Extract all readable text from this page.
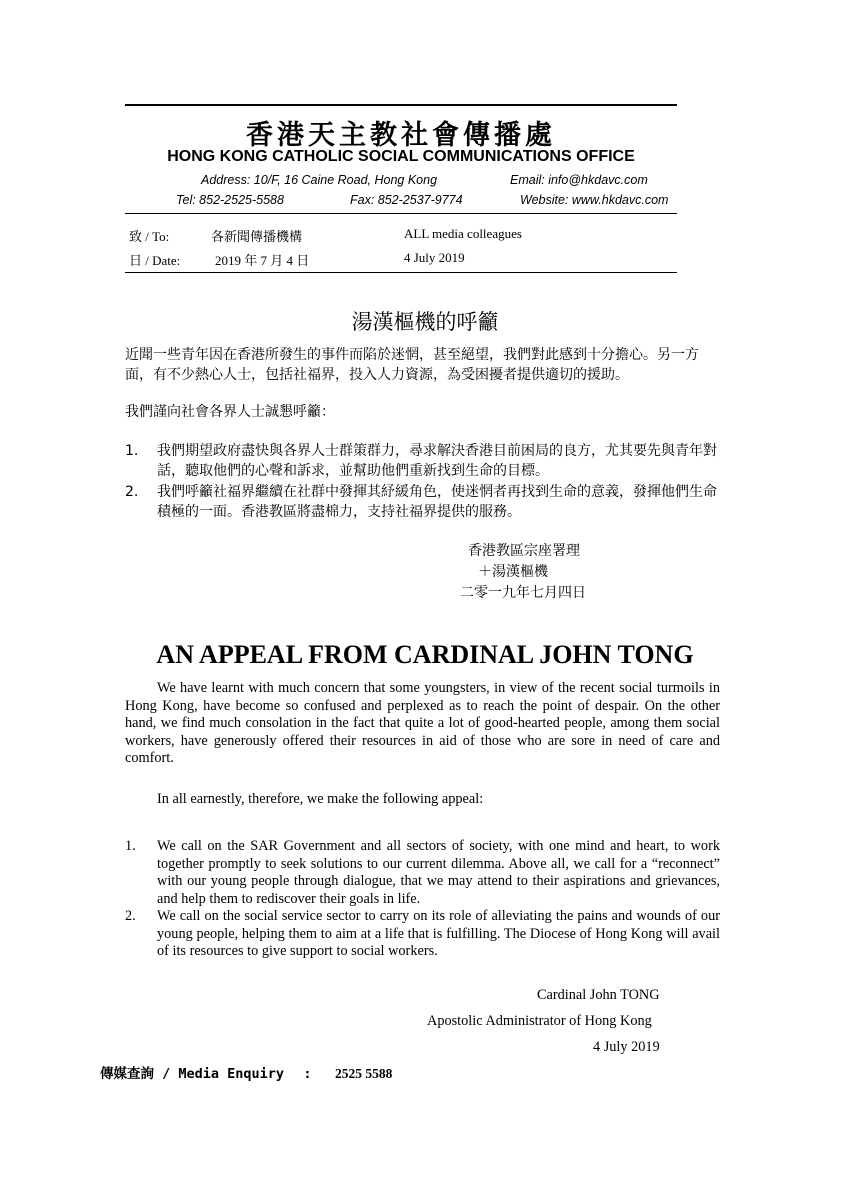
香港天主教社會傳播處
HONG KONG CATHOLIC SOCIAL COMMUNICATIONS OFFICE
Address: 10/F, 16 Caine Road, Hong Kong	Email: info@hkdavc.com
Tel: 852-2525-5588	Fax: 852-2537-9774	Website: www.hkdavc.com
致 / To:	各新聞傳播機構	ALL media colleagues
日 / Date:	2019 年 7 月 4 日	4 July 2019
湯漢樞機的呼籲
近聞一些青年因在香港所發生的事件而陷於迷惘，甚至絕望，我們對此感到十分擔心。另一方面，有不少熱心人士，包括社福界，投入人力資源，為受困擾者提供適切的援助。
我們謹向社會各界人士誠懇呼籲：
1. 我們期望政府盡快與各界人士群策群力，尋求解決香港目前困局的良方，尤其要先與青年對話，聽取他們的心聲和訴求，並幫助他們重新找到生命的目標。
2. 我們呼籲社福界繼續在社群中發揮其紓緩角色，使迷惘者再找到生命的意義，發揮他們生命積極的一面。香港教區將盡棉力，支持社福界提供的服務。
香港教區宗座署理
＋湯漢樞機
二零一九年七月四日
AN APPEAL FROM CARDINAL JOHN TONG
We have learnt with much concern that some youngsters, in view of the recent social turmoils in Hong Kong, have become so confused and perplexed as to reach the point of despair. On the other hand, we find much consolation in the fact that quite a lot of good-hearted people, among them social workers, have generously offered their resources in aid of those who are sore in need of care and comfort.
In all earnestly, therefore, we make the following appeal:
1. We call on the SAR Government and all sectors of society, with one mind and heart, to work together promptly to seek solutions to our current dilemma. Above all, we call for a “reconnect” with our young people through dialogue, that we may attend to their aspirations and grievances, and help them to rediscover their goals in life.
2. We call on the social service sector to carry on its role of alleviating the pains and wounds of our young people, helping them to aim at a life that is fulfilling. The Diocese of Hong Kong will avail of its resources to give support to social workers.
Cardinal John TONG
Apostolic Administrator of Hong Kong
4 July 2019
傳媒查詢 / Media Enquiry : 2525 5588
